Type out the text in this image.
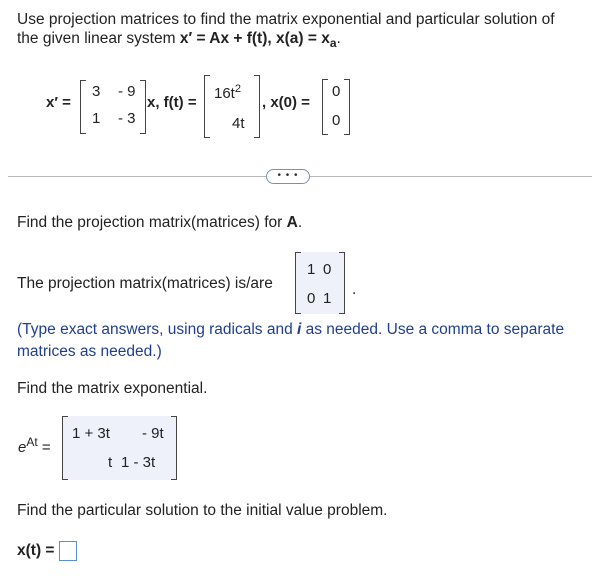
Use projection matrices to find the matrix exponential and particular solution of
the given linear system x′ = Ax + f(t), $x(a) = x_a$.
x′ =
3 - 9
1 - 3
x, f(t) =
$16t^2$
4t
, x(0) =
0
0
• • •
Find the projection matrix(matrices) for A.
The projection matrix(matrices) is/are
1 0
0 1
.
(Type exact answers, using radicals and i as needed. Use a comma to separate
matrices as needed.)
Find the matrix exponential.
$e^{At}$ =
1 + 3t - 9t
t 1 - 3t
Find the particular solution to the initial value problem.
x(t) =
